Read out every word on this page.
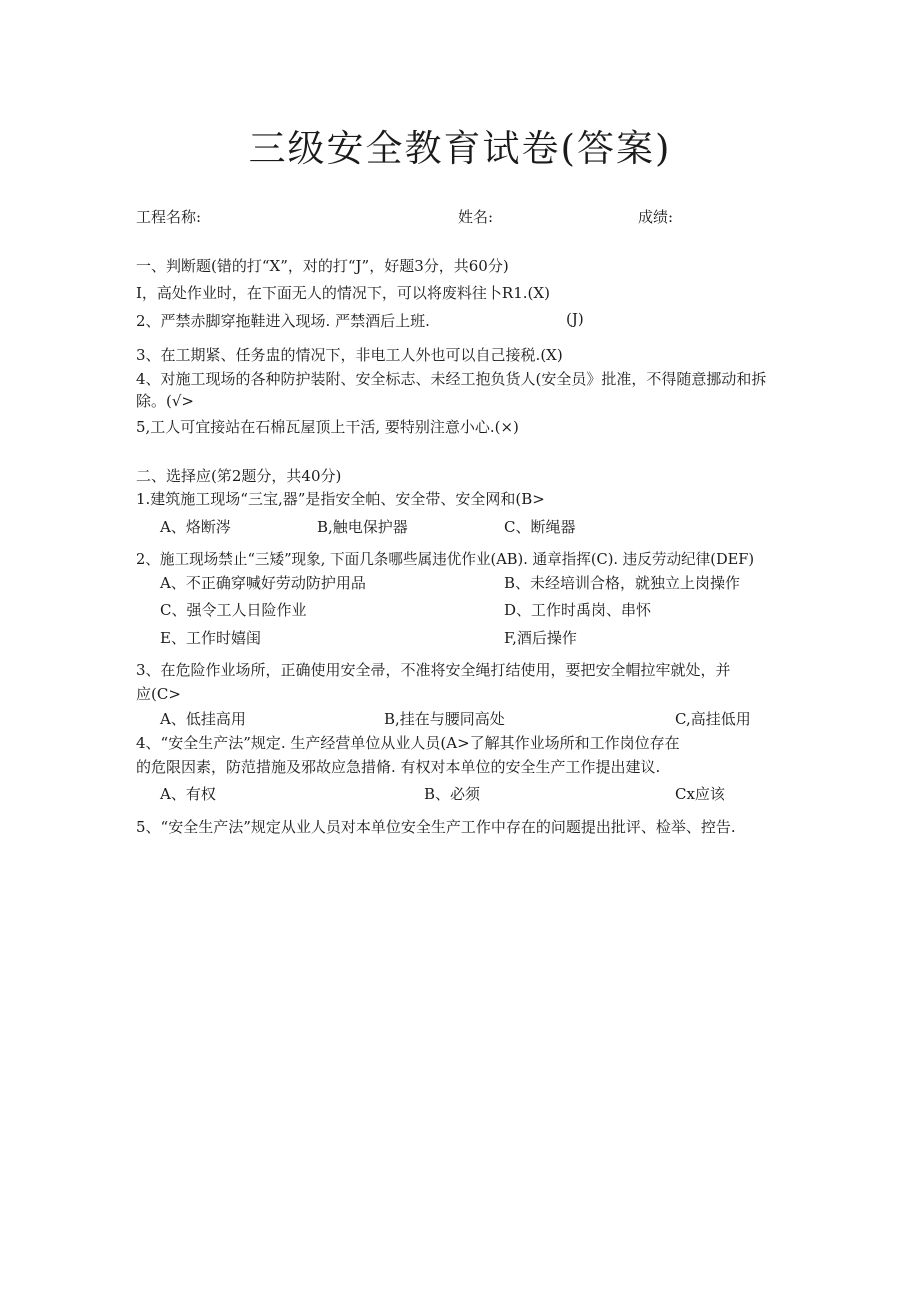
三级安全教育试卷(答案)
工程名称:	姓名:	成绩:
一、判断题(错的打“X”，对的打“J”，好题3分，共60分)
I，高处作业时，在下面无人的情况下，可以将废料往卜R1.(X)
2、严禁赤脚穿拖鞋进入现场. 严禁酒后上班.	(J)
3、在工期紧、任务盅的情况下，非电工人外也可以自己接税.(X)
4、对施工现场的各种防护装附、安全标志、未经工抱负货人(安全员》批准，不得随意挪动和拆
除。(√>
5,工人可宜接站在石棉瓦屋顶上干活, 要特别注意小心.(×)
二、选择应(笫2题分，共40分)
1.建筑施工现场“三宝,器”是指安全帕、安全带、安全网和(B>
A、烙断涔	B,触电保护器	C、断绳器
2、施工现场禁止“三矮”现象, 下面几条哪些属违优作业(AB). 通章指挥(C). 违反劳动纪律(DEF)
A、不正确穿喊好劳动防护用品	B、未经培训合格，就独立上岗操作
C、强令工人日险作业	D、工作时禹岗、串怀
E、工作时嬉闺	F,酒后操作
3、在危险作业场所，正确使用安全帚，不准将安全绳打结使用，要把安全帽拉牢就处，并
应(C>
A、低挂高用	B,挂在与腰同高处	C,高挂低用
4、“安全生产法”规定. 生产经营单位从业人员(A>了解其作业场所和工作岗位存在
的危限因素，防范措施及邪故应急措脩. 有权对本单位的安全生产工作提出建议.
A、有权	B、必须	Cx应该
5、“安全生产法”规定从业人员对本单位安全生产工作中存在的问题提出批评、检举、控告.
